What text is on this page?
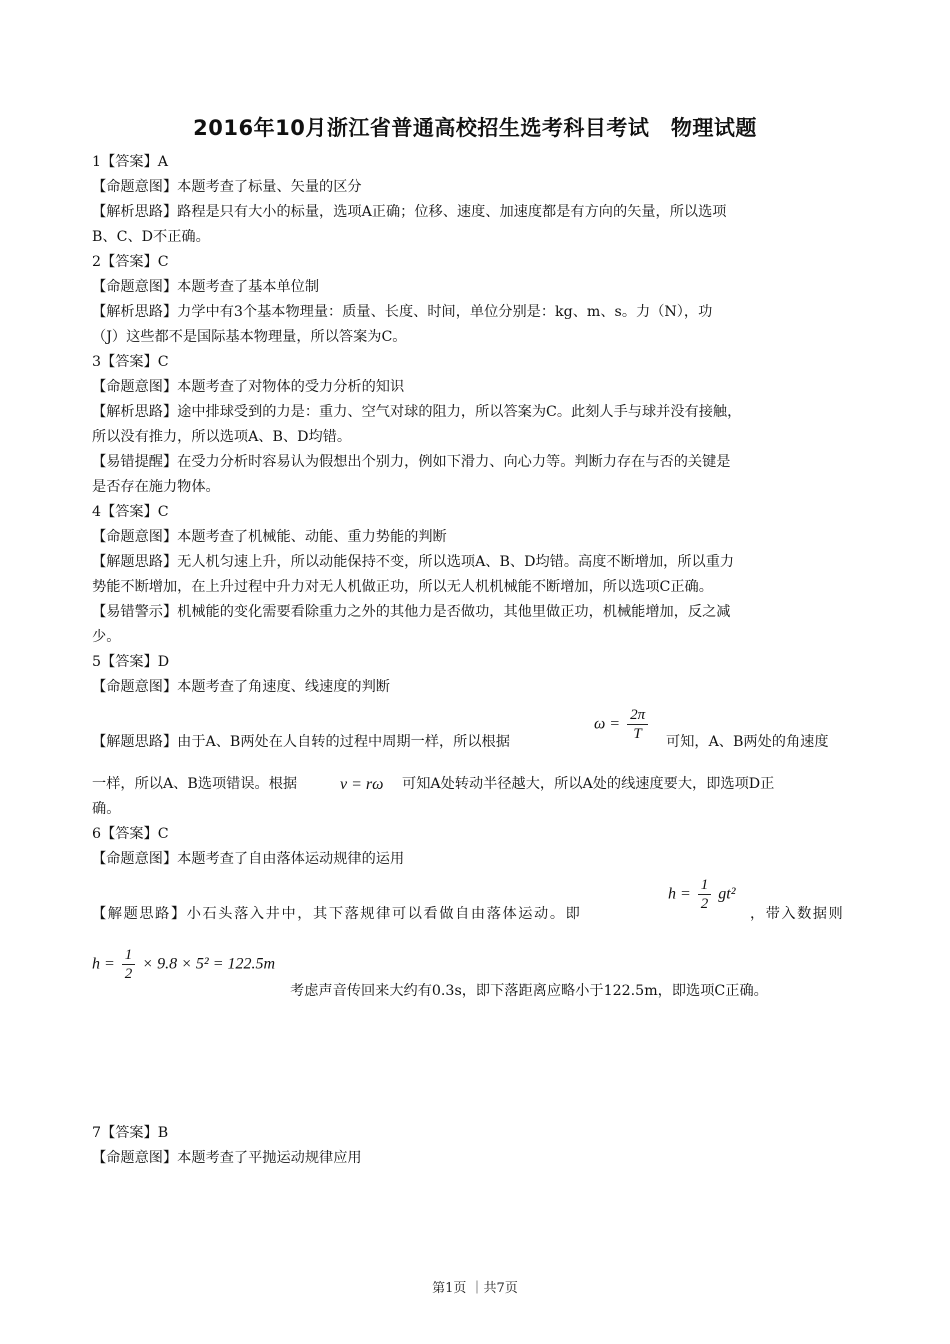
2016年10月浙江省普通高校招生选考科目考试　物理试题
1【答案】A
【命题意图】本题考查了标量、矢量的区分
【解析思路】路程是只有大小的标量，选项A正确；位移、速度、加速度都是有方向的矢量，所以选项
B、C、D不正确。
2【答案】C
【命题意图】本题考查了基本单位制
【解析思路】力学中有3个基本物理量：质量、长度、时间，单位分别是：kg、m、s。力（N），功
（J）这些都不是国际基本物理量，所以答案为C。
3【答案】C
【命题意图】本题考查了对物体的受力分析的知识
【解析思路】途中排球受到的力是：重力、空气对球的阻力，所以答案为C。此刻人手与球并没有接触，
所以没有推力，所以选项A、B、D均错。
【易错提醒】在受力分析时容易认为假想出个别力，例如下滑力、向心力等。判断力存在与否的关键是
是否存在施力物体。
4【答案】C
【命题意图】本题考查了机械能、动能、重力势能的判断
【解题思路】无人机匀速上升，所以动能保持不变，所以选项A、B、D均错。高度不断增加，所以重力
势能不断增加，在上升过程中升力对无人机做正功，所以无人机机械能不断增加，所以选项C正确。
【易错警示】机械能的变化需要看除重力之外的其他力是否做功，其他里做正功，机械能增加，反之减
少。
5【答案】D
【命题意图】本题考查了角速度、线速度的判断
【解题思路】由于A、B两处在人自转的过程中周期一样，所以根据
$\omega = \frac{2\pi}{T}$ 可知，A、B两处的角速度
一样，所以A、B选项错误。根据	v = rω 可知A处转动半径越大，所以A处的线速度要大，即选项D正
确。
6【答案】C
【命题意图】本题考查了自由落体运动规律的运用
【解题思路】小石头落入井中，其下落规律可以看做自由落体运动。即
$h = \frac{1}{2} gt^2$
，带入数据则
$h = \frac{1}{2} \times 9.8 \times 5^2 = 122.5m$
考虑声音传回来大约有0.3s，即下落距离应略小于122.5m，即选项C正确。
7【答案】B
【命题意图】本题考查了平抛运动规律应用
第1页 ｜共7页
